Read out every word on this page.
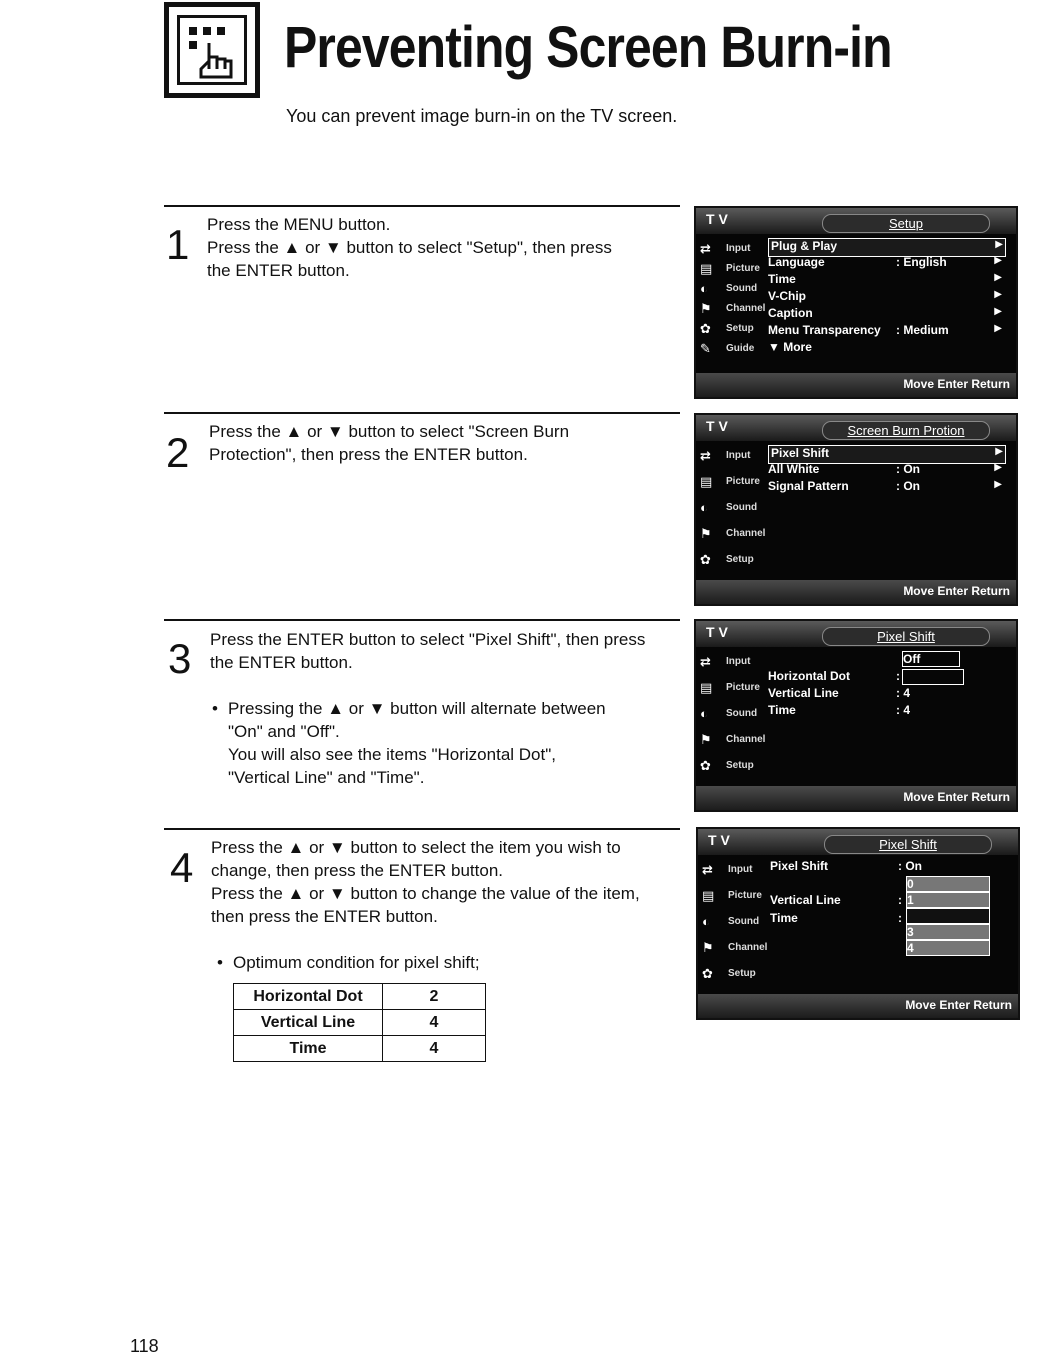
Preventing Screen Burn-in
You can prevent image burn-in on the TV screen.
1 Press the MENU button.

Press the ▲ or ▼ button to select "Setup", then press

the ENTER button.

2 Press the ▲ or ▼ button to select "Screen Burn

Protection", then press the ENTER button.

3 Press the ENTER button to select "Pixel Shift", then press

the ENTER button.

• Pressing the ▲ or ▼ button will alternate between
"On" and "Off".
You will also see the items "Horizontal Dot",
"Vertical Line" and "Time".
4 Press the ▲ or ▼ button to select the item you wish to

change, then press the ENTER button.

Press the ▲ or ▼ button to change the value of the item,

then press the ENTER button.

• Optimum condition for pixel shift;
Horizontal Dot	2
Vertical Line	4
Time	4
T V	Setup
⇄ Input
▤ Picture
◐ Sound
⚑ Channel
✿ Setup
✎ Guide
Plug & Play	▶
Language	: English	▶
Time	▶
V-Chip	▶
Caption	▶
Menu Transparency : Medium	▶
▼ More
Move Enter Return
T V	Screen Burn Protion
⇄ Input
▤ Picture
◐ Sound
⚑ Channel
✿ Setup
Pixel Shift	▶
All White	: On	▶
Signal Pattern	: On	▶
Move Enter Return
T V	Pixel Shift
⇄ Input
▤ Picture
◐ Sound
⚑ Channel
✿ Setup
Off
Horizontal Dot	:
Vertical Line	: 4
Time	: 4
Move Enter Return
T V	Pixel Shift
⇄ Input
▤ Picture
◐ Sound
⚑ Channel
✿ Setup
Pixel Shift	: On
Vertical Line	:
Time	:
0
1
3
4
Move Enter Return
118
